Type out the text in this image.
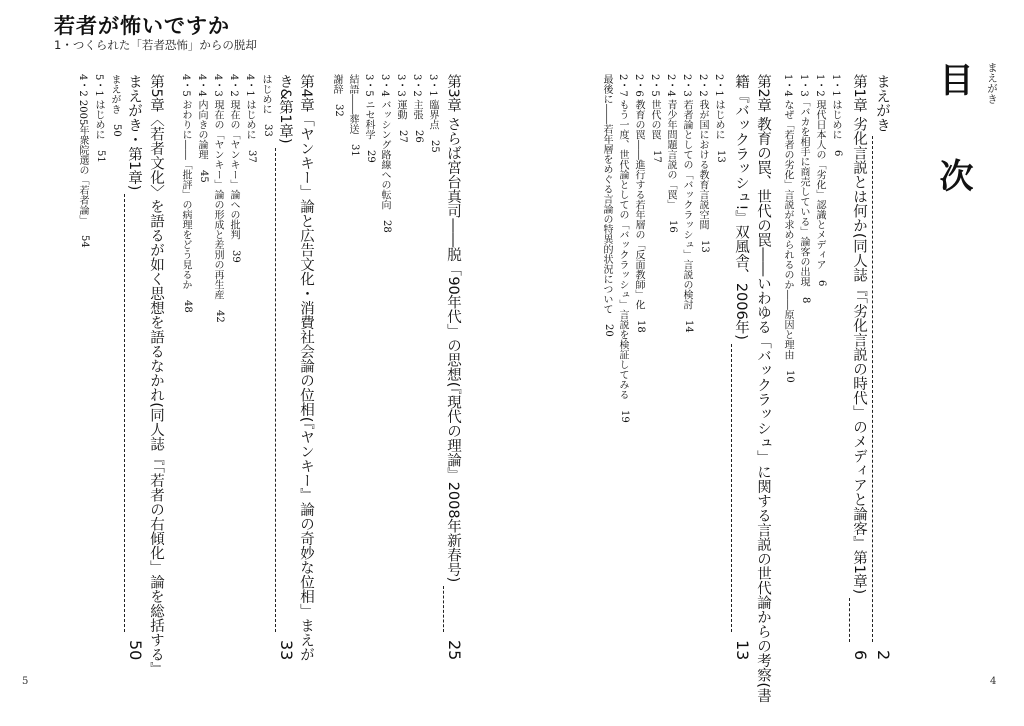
若者が怖いですか
1・つくられた「若者恐怖」からの脱却
まえがき
目次
まえがき
2
第1章 劣化言説とは何か(同人誌『「劣化言説の時代」のメディアと論客』第1章)
6
1・1 はじめに
6
1・2 現代日本人の「劣化」認識とメディア
6
1・3「バカを相手に商売している」論客の出現
8
1・4 なぜ「若者の劣化」言説が求められるのか――原因と理由
10
第2章 教育の罠、世代の罠――いわゆる「バックラッシュ」に関する言説の世代論からの考察(書
籍『バックラッシュ!』双風舎、2006年)
13
2・1 はじめに
13
2・2 我が国における教育言説空間
13
2・3 若者論としての「バックラッシュ」言説の検討
14
2・4 青少年問題言説の「罠」
16
2・5 世代の罠
17
2・6 教育の罠――進行する若年層の「反面教師」化
18
2・7 もう一度、世代論としての「バックラッシュ」言説を検証してみる
19
最後に――若年層をめぐる言論の特異的状況について
20
第3章 さらば宮台真司――脱「90年代」の思想(『現代の理論』2008年新春号)
25
3・1 臨界点
25
3・2 主張
26
3・3 運動
27
3・4 バッシング路線への転向
28
3・5 ニセ科学
29
結語――葬送
31
謝辞
32
第4章「ヤンキー」論と広告文化・消費社会論の位相(『ヤンキー』論の奇妙な位相」まえが
き&第1章)
33
はじめに
33
4・1 はじめに
37
4・2 現在の「ヤンキー」論への批判
39
4・3 現在の「ヤンキー」論の形成と差別の再生産
42
4・4 内向きの論理
45
4・5 おわりに――「批評」の病理をどう見るか
48
第5章〈若者文化〉を語るが如く思想を語るなかれ(同人誌『「若者の右傾化」論を総括する』
まえがき・第1章)
50
まえがき
50
5・1 はじめに
51
4・2 2005年衆院選の「若者論」
54
5	4
